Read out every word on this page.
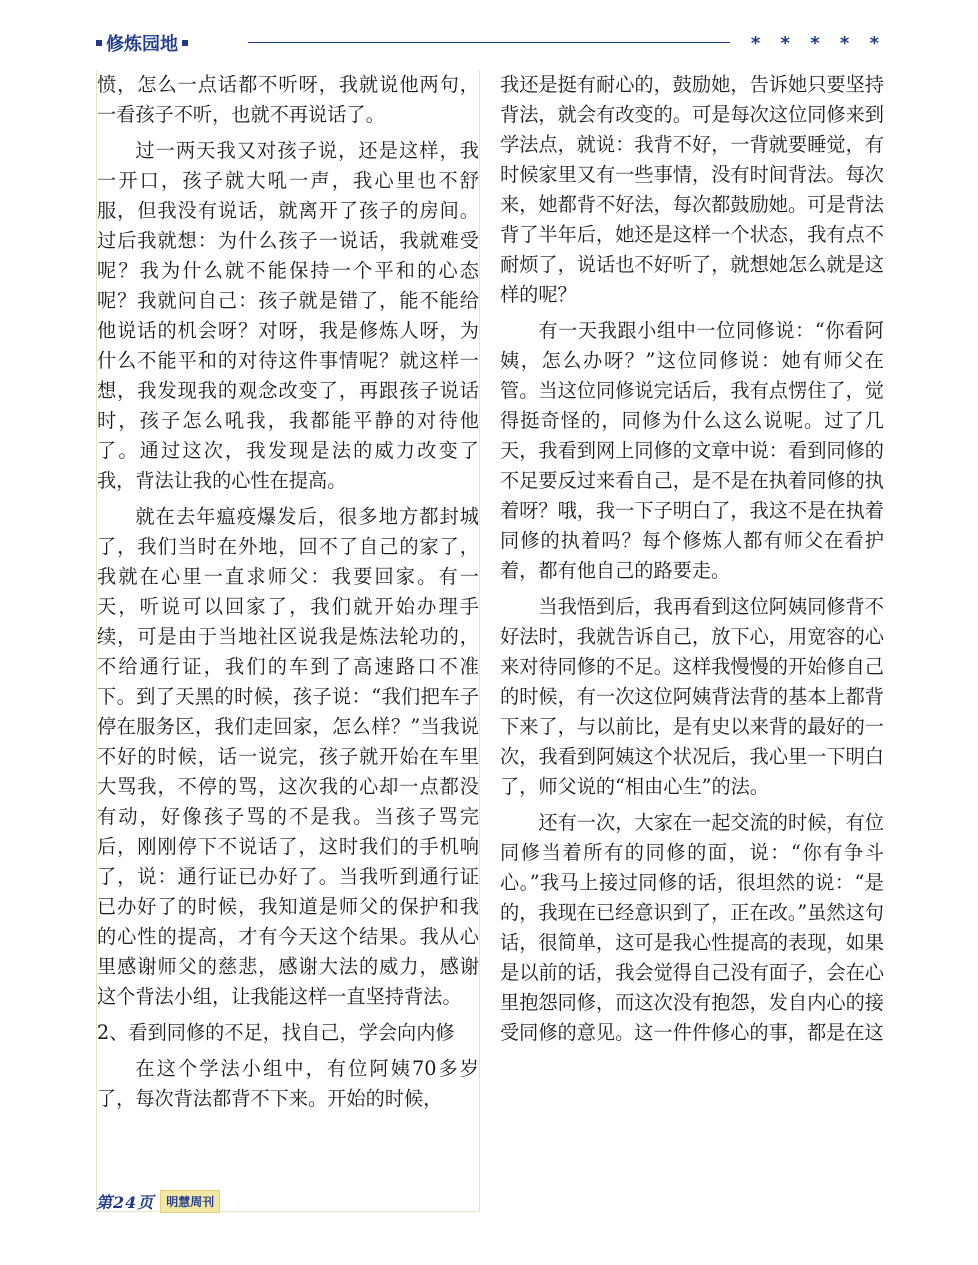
修炼园地	* * * * *

愤，怎么一点话都不听呀，我就说他两句，一看孩子不听，也就不再说话了。

过一两天我又对孩子说，还是这样，我一开口，孩子就大吼一声，我心里也不舒服，但我没有说话，就离开了孩子的房间。过后我就想：为什么孩子一说话，我就难受呢？我为什么就不能保持一个平和的心态呢？我就问自己：孩子就是错了，能不能给他说话的机会呀？对呀，我是修炼人呀，为什么不能平和的对待这件事情呢？就这样一想，我发现我的观念改变了，再跟孩子说话时，孩子怎么吼我，我都能平静的对待他了。通过这次，我发现是法的威力改变了我，背法让我的心性在提高。

就在去年瘟疫爆发后，很多地方都封城了，我们当时在外地，回不了自己的家了，我就在心里一直求师父：我要回家。有一天，听说可以回家了，我们就开始办理手续，可是由于当地社区说我是炼法轮功的，不给通行证，我们的车到了高速路口不准下。到了天黑的时候，孩子说：“我们把车子停在服务区，我们走回家，怎么样？”当我说不好的时候，话一说完，孩子就开始在车里大骂我，不停的骂，这次我的心却一点都没有动，好像孩子骂的不是我。当孩子骂完后，刚刚停下不说话了，这时我们的手机响了，说：通行证已办好了。当我听到通行证已办好了的时候，我知道是师父的保护和我的心性的提高，才有今天这个结果。我从心里感谢师父的慈悲，感谢大法的威力，感谢这个背法小组，让我能这样一直坚持背法。

2、看到同修的不足，找自己，学会向内修

在这个学法小组中，有位阿姨70多岁了，每次背法都背不下来。开始的时候，

我还是挺有耐心的，鼓励她，告诉她只要坚持背法，就会有改变的。可是每次这位同修来到学法点，就说：我背不好，一背就要睡觉，有时候家里又有一些事情，没有时间背法。每次来，她都背不好法，每次都鼓励她。可是背法背了半年后，她还是这样一个状态，我有点不耐烦了，说话也不好听了，就想她怎么就是这样的呢？

有一天我跟小组中一位同修说：“你看阿姨，怎么办呀？”这位同修说：她有师父在管。当这位同修说完话后，我有点愣住了，觉得挺奇怪的，同修为什么这么说呢。过了几天，我看到网上同修的文章中说：看到同修的不足要反过来看自己，是不是在执着同修的执着呀？哦，我一下子明白了，我这不是在执着同修的执着吗？每个修炼人都有师父在看护着，都有他自己的路要走。

当我悟到后，我再看到这位阿姨同修背不好法时，我就告诉自己，放下心，用宽容的心来对待同修的不足。这样我慢慢的开始修自己的时候，有一次这位阿姨背法背的基本上都背下来了，与以前比，是有史以来背的最好的一次，我看到阿姨这个状况后，我心里一下明白了，师父说的“相由心生”的法。

还有一次，大家在一起交流的时候，有位同修当着所有的同修的面，说：“你有争斗心。”我马上接过同修的话，很坦然的说：“是的，我现在已经意识到了，正在改。”虽然这句话，很简单，这可是我心性提高的表现，如果是以前的话，我会觉得自己没有面子，会在心里抱怨同修，而这次没有抱怨，发自内心的接受同修的意见。这一件件修心的事，都是在这

第24页	明慧周刊
